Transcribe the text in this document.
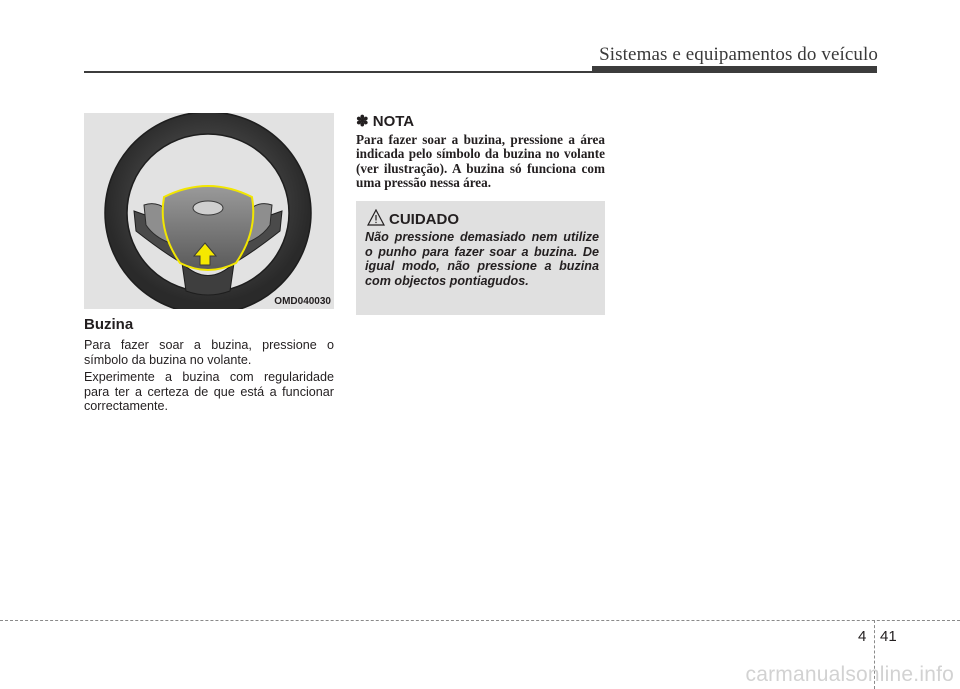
Sistemas e equipamentos do veículo
OMD040030
Buzina

Para fazer soar a buzina, pressione o símbolo da buzina no volante.

Experimente a buzina com regularidade para ter a certeza de que está a funcionar correctamente.

✽ NOTA

Para fazer soar a buzina, pressione a área indicada pelo símbolo da buzina no volante (ver ilustração). A buzina só funciona com uma pressão nessa área.

CUIDADO

Não pressione demasiado nem utilize o punho para fazer soar a buzina. De igual modo, não pressione a buzina com objectos pontiagudos.

4 41
carmanualsonline.info
